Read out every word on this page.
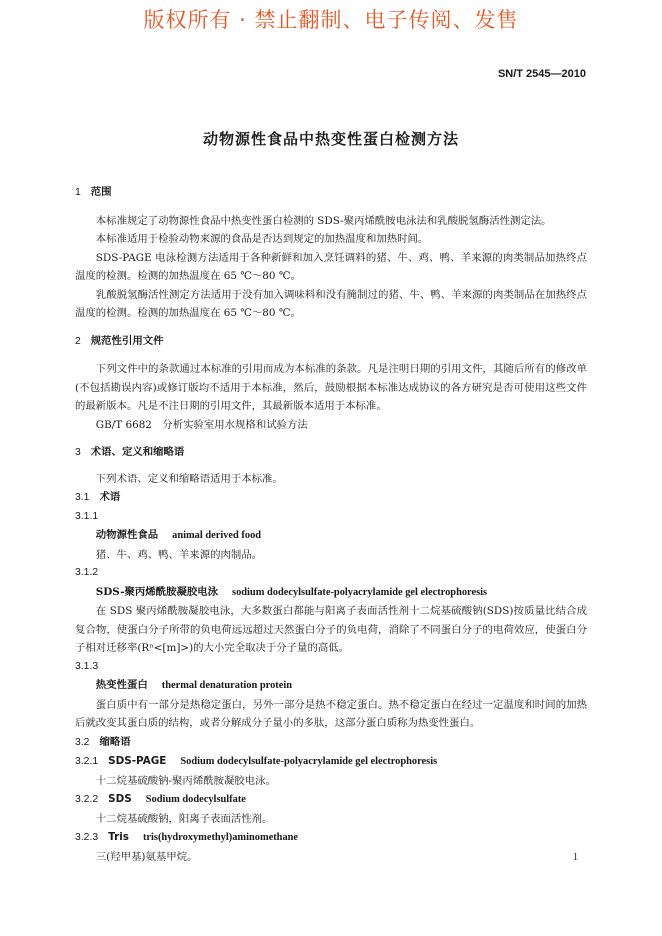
版权所有 · 禁止翻制、电子传阅、发售
SN/T 2545—2010
动物源性食品中热变性蛋白检测方法

1 范围

本标准规定了动物源性食品中热变性蛋白检测的 SDS-聚丙烯酰胺电泳法和乳酸脱氢酶活性测定法。

本标准适用于检验动物来源的食品是否达到规定的加热温度和加热时间。

SDS-PAGE 电泳检测方法适用于各种新鲜和加入烹饪调料的猪、牛、鸡、鸭、羊来源的肉类制品加热终点温度的检测。检测的加热温度在 65 ℃～80 ℃。

乳酸脱氢酶活性测定方法适用于没有加入调味料和没有腌制过的猪、牛、鸭、羊来源的肉类制品在加热终点温度的检测。检测的加热温度在 65 ℃～80 ℃。

2 规范性引用文件

下列文件中的条款通过本标准的引用而成为本标准的条款。凡是注明日期的引用文件，其随后所有的修改单(不包括勘误内容)或修订版均不适用于本标准，然后，鼓励根据本标准达成协议的各方研究是否可使用这些文件的最新版本。凡是不注日期的引用文件，其最新版本适用于本标准。

GB/T 6682　分析实验室用水规格和试验方法

3 术语、定义和缩略语

下列术语、定义和缩略语适用于本标准。

3.1 术语

3.1.1

动物源性食品 animal derived food

猪、牛、鸡、鸭、羊来源的肉制品。

3.1.2

SDS-聚丙烯酰胺凝胶电泳 sodium dodecylsulfate-polyacrylamide gel electrophoresis

在 SDS 聚丙烯酰胺凝胶电泳，大多数蛋白都能与阳离子表面活性剂十二烷基硫酸钠(SDS)按质量比结合成复合物，使蛋白分子所带的负电荷远远超过天然蛋白分子的负电荷，消除了不同蛋白分子的电荷效应，使蛋白分子相对迁移率(Rⁿ<[m]>)的大小完全取决于分子量的高低。

3.1.3

热变性蛋白 thermal denaturation protein

蛋白质中有一部分是热稳定蛋白，另外一部分是热不稳定蛋白。热不稳定蛋白在经过一定温度和时间的加热后就改变其蛋白质的结构，或者分解成分子量小的多肽，这部分蛋白质称为热变性蛋白。

3.2 缩略语

3.2.1 SDS-PAGE Sodium dodecylsulfate-polyacrylamide gel electrophoresis

十二烷基硫酸钠-聚丙烯酰胺凝胶电泳。

3.2.2 SDS Sodium dodecylsulfate

十二烷基硫酸钠，阳离子表面活性剂。

3.2.3 Tris tris(hydroxymethyl)aminomethane

三(羟甲基)氨基甲烷。	1
